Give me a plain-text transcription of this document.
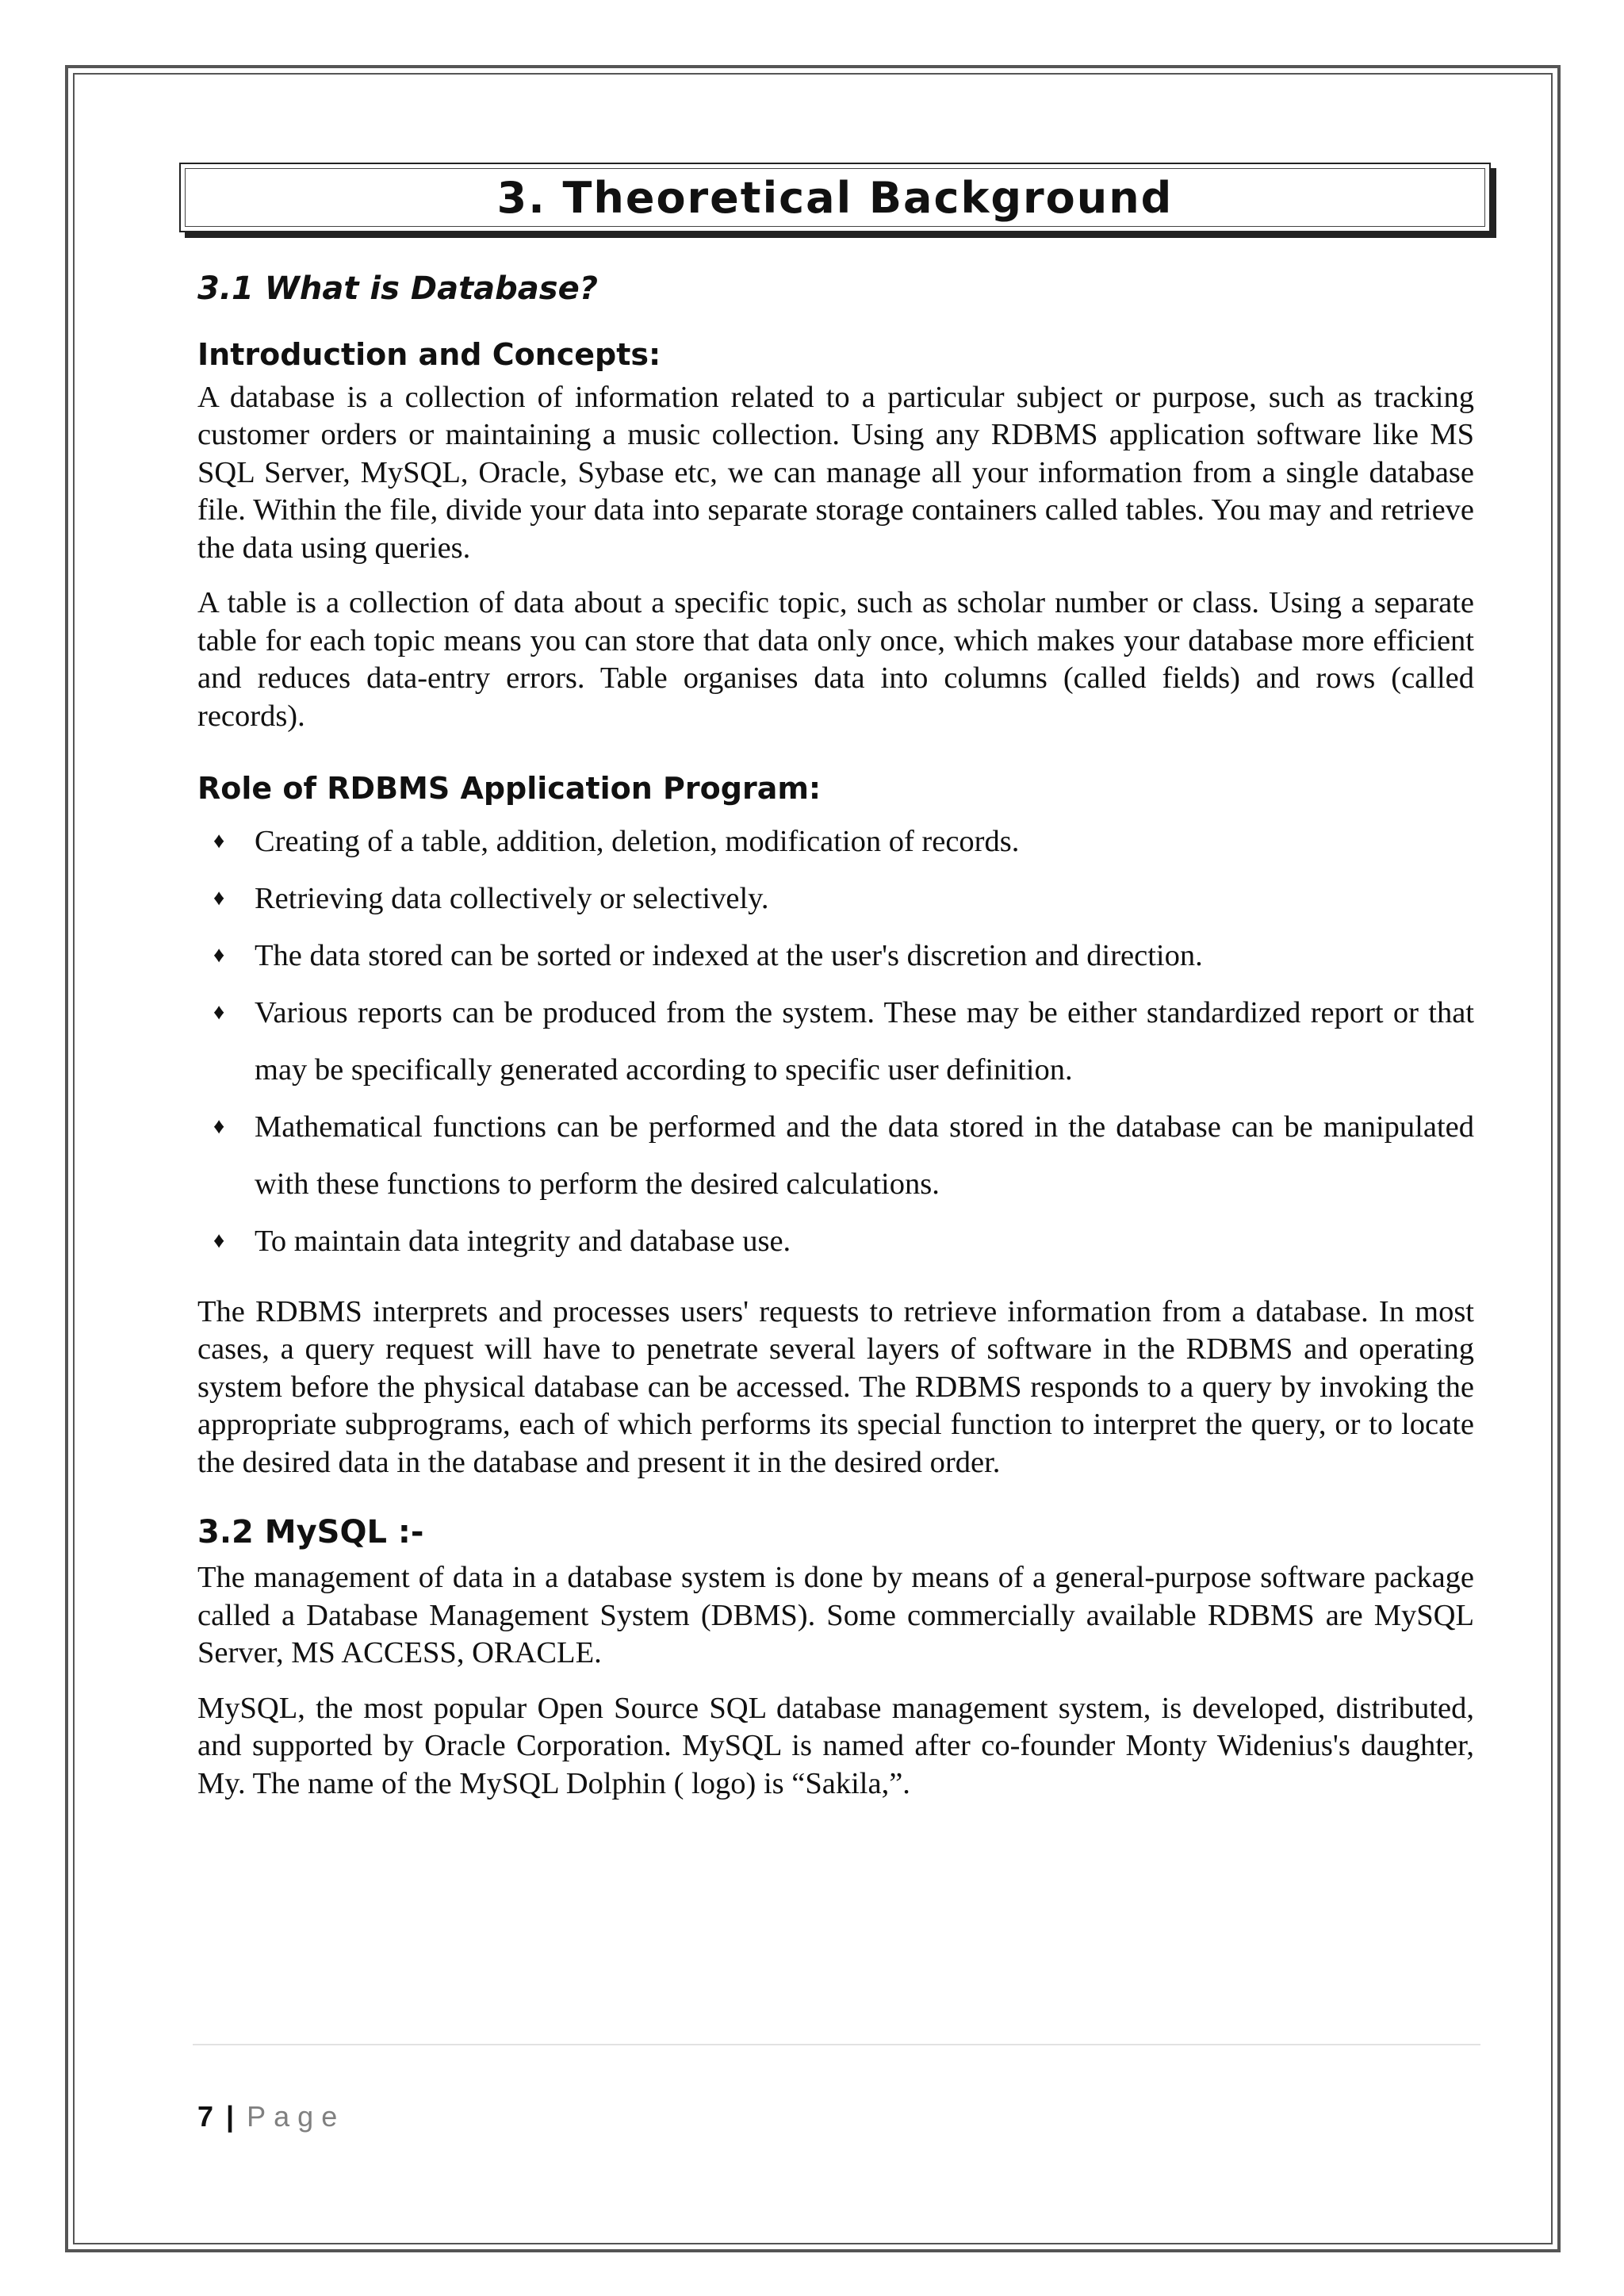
3. Theoretical Background
3.1 What is Database?
Introduction and Concepts:

A database is a collection of information related to a particular subject or purpose, such as tracking customer orders or maintaining a music collection. Using any RDBMS application software like MS SQL Server, MySQL, Oracle, Sybase etc, we can manage all your information from a single database file. Within the file, divide your data into separate storage containers called tables. You may and retrieve the data using queries.

A table is a collection of data about a specific topic, such as scholar number or class. Using a separate table for each topic means you can store that data only once, which makes your database more efficient and reduces data-entry errors. Table organises data into columns (called fields) and rows (called records).

Role of RDBMS Application Program:
♦ Creating of a table, addition, deletion, modification of records.
♦ Retrieving data collectively or selectively.
♦ The data stored can be sorted or indexed at the user's discretion and direction.
♦ Various reports can be produced from the system. These may be either standardized report or that may be specifically generated according to specific user definition.
♦ Mathematical functions can be performed and the data stored in the database can be manipulated with these functions to perform the desired calculations.
♦ To maintain data integrity and database use.

The RDBMS interprets and processes users' requests to retrieve information from a database. In most cases, a query request will have to penetrate several layers of software in the RDBMS and operating system before the physical database can be accessed. The RDBMS responds to a query by invoking the appropriate subprograms, each of which performs its special function to interpret the query, or to locate the desired data in the database and present it in the desired order.

3.2 MySQL :-

The management of data in a database system is done by means of a general-purpose software package called a Database Management System (DBMS). Some commercially available RDBMS are MySQL Server, MS ACCESS, ORACLE.

MySQL, the most popular Open Source SQL database management system, is developed, distributed, and supported by Oracle Corporation. MySQL is named after co-founder Monty Widenius's daughter, My. The name of the MySQL Dolphin ( logo) is “Sakila,”.

7 | Page
